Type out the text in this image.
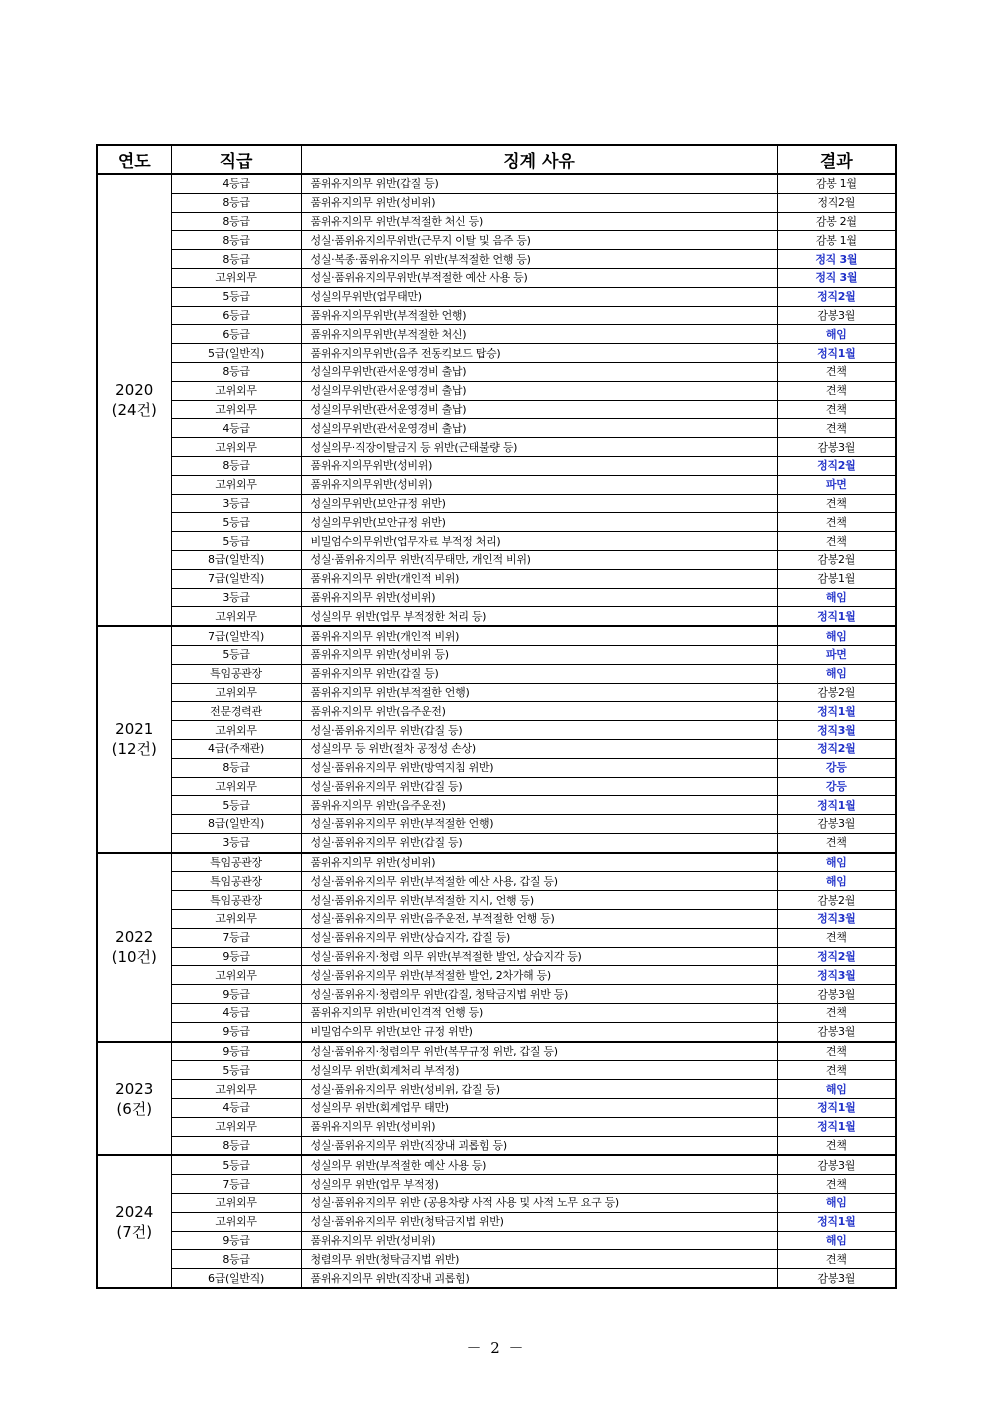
연도	직급	징계 사유	결과

2020
(24건)	4등급	품위유지의무 위반(갑질 등)	감봉 1월
	8등급	품위유지의무 위반(성비위)	정직2월
	8등급	품위유지의무 위반(부적절한 처신 등)	감봉 2월
	8등급	성실·품위유지의무위반(근무지 이탈 및 음주 등)	감봉 1월
	8등급	성실·복종·품위유지의무 위반(부적절한 언행 등)	정직 3월
	고위외무	성실·품위유지의무위반(부적절한 예산 사용 등)	정직 3월
	5등급	성실의무위반(업무태만)	정직2월
	6등급	품위유지의무위반(부적절한 언행)	감봉3월
	6등급	품위유지의무위반(부적절한 처신)	해임
	5급(일반직)	품위유지의무위반(음주 전동킥보드 탑승)	정직1월
	8등급	성실의무위반(관서운영경비 출납)	견책
	고위외무	성실의무위반(관서운영경비 출납)	견책
	고위외무	성실의무위반(관서운영경비 출납)	견책
	4등급	성실의무위반(관서운영경비 출납)	견책
	고위외무	성실의무·직장이탈금지 등 위반(근태불량 등)	감봉3월
	8등급	품위유지의무위반(성비위)	정직2월
	고위외무	품위유지의무위반(성비위)	파면
	3등급	성실의무위반(보안규정 위반)	견책
	5등급	성실의무위반(보안규정 위반)	견책
	5등급	비밀엄수의무위반(업무자료 부적정 처리)	견책
	8급(일반직)	성실·품위유지의무 위반(직무태만, 개인적 비위)	감봉2월
	7급(일반직)	품위유지의무 위반(개인적 비위)	감봉1월
	3등급	품위유지의무 위반(성비위)	해임
	고위외무	성실의무 위반(업무 부적정한 처리 등)	정직1월

2021
(12건)	7급(일반직)	품위유지의무 위반(개인적 비위)	해임
	5등급	품위유지의무 위반(성비위 등)	파면
	특임공관장	품위유지의무 위반(갑질 등)	해임
	고위외무	품위유지의무 위반(부적절한 언행)	감봉2월
	전문경력관	품위유지의무 위반(음주운전)	정직1월
	고위외무	성실·품위유지의무 위반(갑질 등)	정직3월
	4급(주재관)	성실의무 등 위반(절차 공정성 손상)	정직2월
	8등급	성실·품위유지의무 위반(방역지침 위반)	강등
	고위외무	성실·품위유지의무 위반(갑질 등)	강등
	5등급	품위유지의무 위반(음주운전)	정직1월
	8급(일반직)	성실·품위유지의무 위반(부적절한 언행)	감봉3월
	3등급	성실·품위유지의무 위반(갑질 등)	견책

2022
(10건)	특임공관장	품위유지의무 위반(성비위)	해임
	특임공관장	성실·품위유지의무 위반(부적절한 예산 사용, 갑질 등)	해임
	특임공관장	성실·품위유지의무 위반(부적절한 지시, 언행 등)	감봉2월
	고위외무	성실·품위유지의무 위반(음주운전, 부적절한 언행 등)	정직3월
	7등급	성실·품위유지의무 위반(상습지각, 갑질 등)	견책
	9등급	성실·품위유지·청렴 의무 위반(부적절한 발언, 상습지각 등)	정직2월
	고위외무	성실·품위유지의무 위반(부적절한 발언, 2차가해 등)	정직3월
	9등급	성실·품위유지·청렴의무 위반(갑질, 청탁금지법 위반 등)	감봉3월
	4등급	품위유지의무 위반(비인격적 언행 등)	견책
	9등급	비밀엄수의무 위반(보안 규정 위반)	감봉3월

2023
(6건)	9등급	성실·품위유지·청렴의무 위반(복무규정 위반, 갑질 등)	견책
	5등급	성실의무 위반(회계처리 부적정)	견책
	고위외무	성실·품위유지의무 위반(성비위, 갑질 등)	해임
	4등급	성실의무 위반(회계업무 태만)	정직1월
	고위외무	품위유지의무 위반(성비위)	정직1월
	8등급	성실·품위유지의무 위반(직장내 괴롭힘 등)	견책

2024
(7건)	5등급	성실의무 위반(부적절한 예산 사용 등)	감봉3월
	7등급	성실의무 위반(업무 부적정)	견책
	고위외무	성실·품위유지의무 위반 (공용차량 사적 사용 및 사적 노무 요구 등)	해임
	고위외무	성실·품위유지의무 위반(청탁금지법 위반)	정직1월
	9등급	품위유지의무 위반(성비위)	해임
	8등급	청렴의무 위반(청탁금지법 위반)	견책
	6급(일반직)	품위유지의무 위반(직장내 괴롭힘)	감봉3월
－ 2 －
